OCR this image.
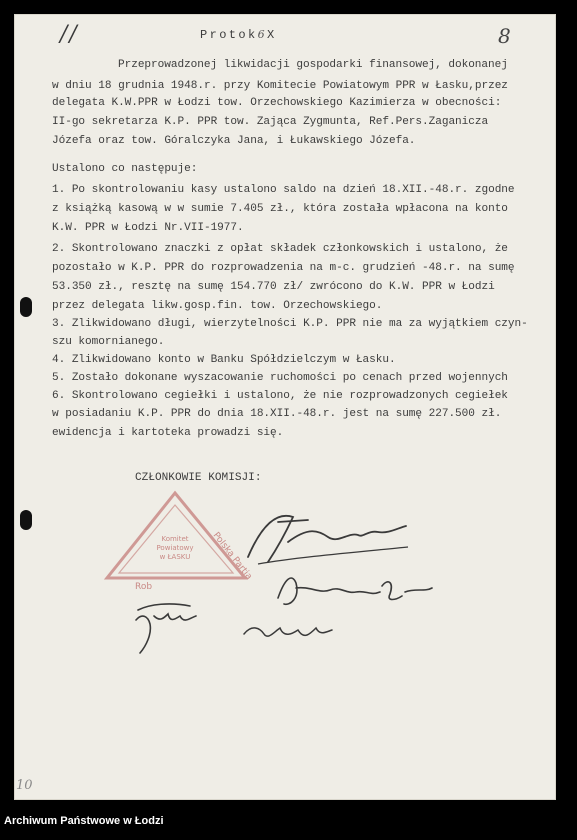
//	Protok6X	8
Przeprowadzonej likwidacji gospodarki finansowej, dokonanej
w dniu 18 grudnia 1948.r. przy Komitecie Powiatowym PPR w Łasku,przez
delegata K.W.PPR w Łodzi tow. Orzechowskiego Kazimierza w obecności:
II-go sekretarza K.P. PPR tow. Zająca Zygmunta, Ref.Pers.Zaganicza
Józefa oraz tow. Góralczyka Jana, i Łukawskiego Józefa.
Ustalono co następuje:
1. Po skontrolowaniu kasy ustalono saldo na dzień 18.XII.-48.r. zgodne
z książką kasową w w sumie 7.405 zł., która została wpłacona na konto
K.W. PPR w Łodzi Nr.VII-1977.
2. Skontrolowano znaczki z opłat składek członkowskich i ustalono, że
pozostało w K.P. PPR do rozprowadzenia na m-c. grudzień -48.r. na sumę
53.350 zł., resztę na sumę 154.770 zł/ zwrócono do K.W. PPR w Łodzi
przez delegata likw.gosp.fin. tow. Orzechowskiego.
3. Zlikwidowano długi, wierzytelności K.P. PPR nie ma za wyjątkiem czyn-
szu komornianego.
4. Zlikwidowano konto w Banku Spółdzielczym w Łasku.
5. Zostało dokonane wyszacowanie ruchomości po cenach przed wojennych
6. Skontrolowano cegiełki i ustalono, że nie rozprowadzonych cegiełek
w posiadaniu K.P. PPR do dnia 18.XII.-48.r. jest na sumę 227.500 zł.
ewidencja i kartoteka prowadzi się.
CZŁONKOWIE KOMISJI:
Polska Partia
Komitet
Powiatowy
w ŁASKU
Rob
10
Archiwum Państwowe w Łodzi
